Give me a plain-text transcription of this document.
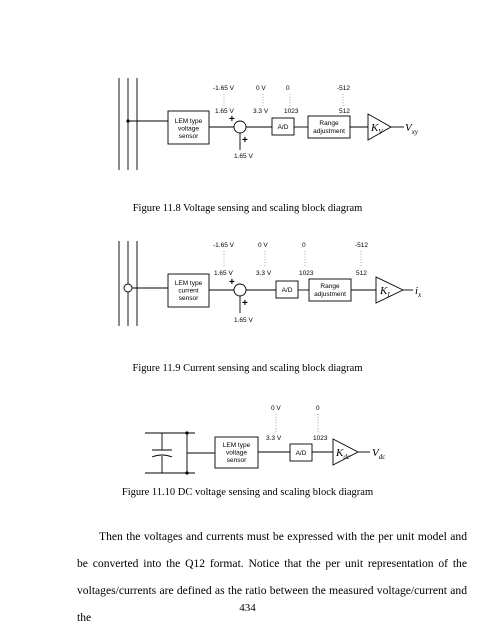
LEM type
voltage
sensor
+
+
1.65 V
A/D
Range
adjustment $K_V$ $V_{xy}$
-1.65 V	0 V	0	-512
1.65 V	3.3 V 1023	512
LEM type
current
sensor
+
+
1.65 V
A/D
Range
adjustment	$K_I$ $i_x$
-1.65 V	0 V	0	-512
1.65 V	3.3 V	1023	512
LEM type
voltage
sensor
A/D	$K_{dc}$ $V_{dc}$
0 V	0
3.3 V	1023
Figure 11.8 Voltage sensing and scaling block diagram
Figure 11.9 Current sensing and scaling block diagram
Figure 11.10 DC voltage sensing and scaling block diagram

Then the voltages and currents must be expressed with the per unit model and be converted into the Q12 format. Notice that the per unit representation of the voltages/currents are defined as the ratio between the measured voltage/current and the

434
